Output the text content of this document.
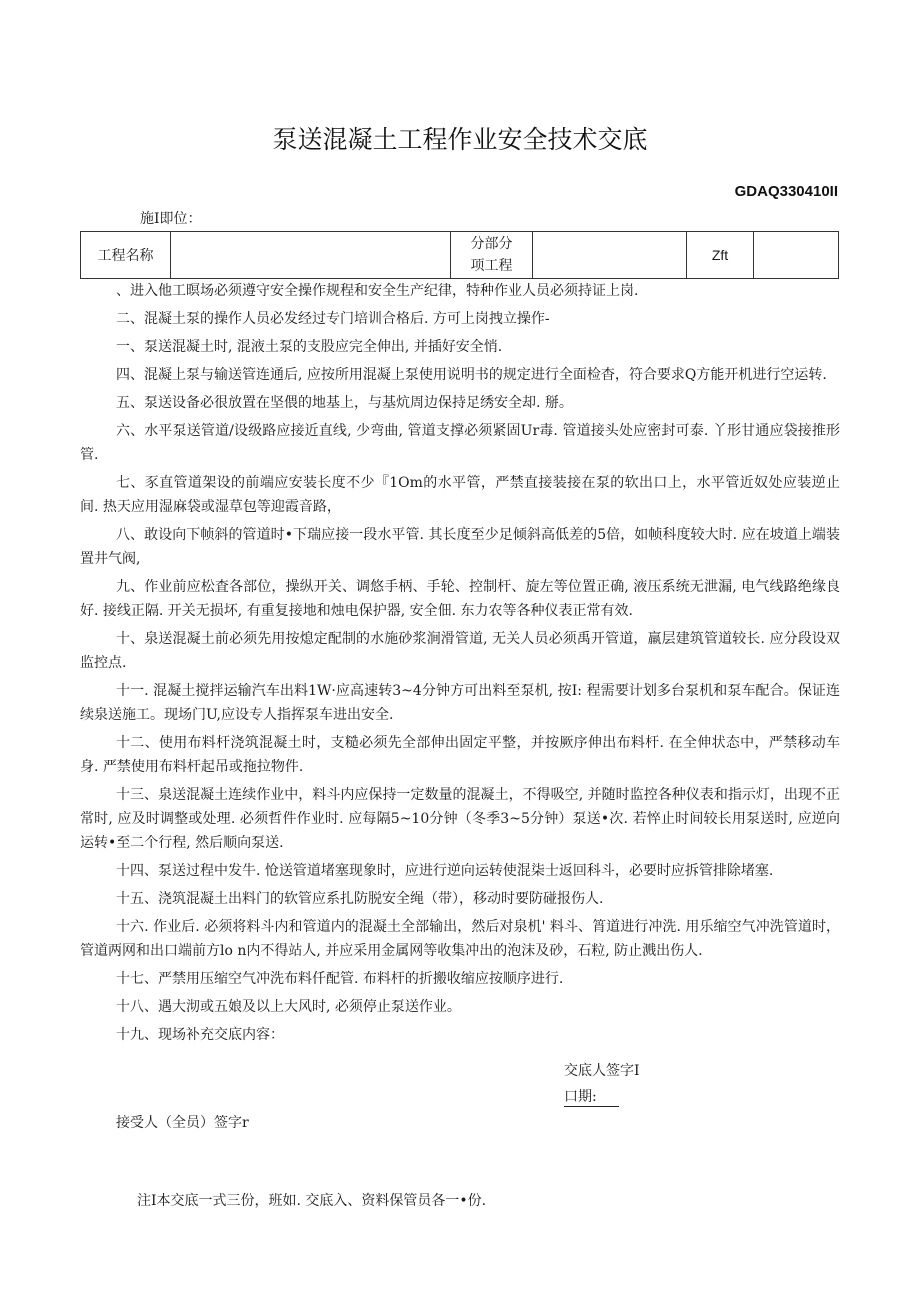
泵送混凝土工程作业安全技术交底
GDAQ330410II
施I即位：
工程名称		分部分项工程		Zft	

、进入他工暝场必须遵守安全操作规程和安全生产纪律，特种作业人员必须持证上岗.

二、混凝土泵的操作人员必发经过专门培训合格后. 方可上岗拽立操作-

一、泵送混凝土时, 混液土泵的支股应完全伸出, 并插好安全悄.

四、混凝上泵与输送管连通后, 应按所用混凝上泵使用说明书的规定进行全面检杳，符合要求Q方能开机进行空运转.

五、泵送设备必很放置在坚偎的地基上，与基炕周边保持足绣安全却. 掰。

六、水平泵送管道/设级路应接近直线, 少弯曲, 管道支撑必须紧固Ur毒. 管道接头处应密封可泰. 丫形甘通应袋接推形管.

七、豕直管道架设的前端应安装长度不少『1Om的水平管，严禁直接装接在泵的软出口上，水平管近奴处应装逆止间. 热天应用湿麻袋或湿草包等迎霞音路，

八、敢设向下帧斜的管道时•下瑞应接一段水平管. 其长度至少足倾斜高低差的5倍，如帧科度较大时. 应在坡道上端装置井气阀,

九、作业前应松査各部位，操纵开关、调悠手柄、手轮、控制杆、旋左等位置正确, 液压系统无泄漏, 电气线路绝缘良好. 接线正隔. 开关无损坏, 有重复接地和烛电保护器, 安全佃. 东力农等各种仪表正常有效.

十、泉送混凝土前必须先用按熄定配制的水施砂浆涧滑管道, 无关人员必须禹开管道，羸层建筑管道较长. 应分段设双监控点.

十一. 混凝土搅拌运输汽车出料1W·应高速转3~4分钟方可出料至泵机, 按I: 程需要计划多台泵机和泵车配合。保证连续泉送施工。现场门U,应设专人指挥泵车进出安全.

十二、使用布料杆浇筑混凝土时，支糙必须先全部伸出固定平整，并按厥序伸出布料杆. 在全伸状态中，严禁移动车身. 严禁使用布料杆起吊或拖拉物件.

十三、泉送混凝土连续作业中，料斗内应保持一定数量的混凝土，不得吸空, 并随时监控各种仪表和指示灯，出现不正常时, 应及时调整或处理. 必须哲件作业时. 应每隔5~10分钟（冬季3~5分钟）泵送•次. 若悴止时间较长用泵送时, 应逆向运转•至二个行程, 然后顺向泵送.

十四、泵送过程中发牛. 怆送管道堵塞现象时，应进行逆向运转使混柒士返回科斗，必要时应拆管排除堵塞.

十五、浇筑混凝土出料门的软管应系扎防脱安全绳（带），移动时要防碰报伤人.

十六. 作业后. 必须将料斗内和管道内的混凝土全部输出，然后对泉机' 料斗、筲道进行冲洗. 用乐缩空气冲洗管道时，管道两网和出口端前方lo n内不得站人, 并应采用金属网等收集冲出的泡沫及砂，石粒, 防止溅出伤人.

十七、严禁用压缩空气冲洗布料仟配管. 布料杆的折搬收缩应按顺序进行.

十八、遇大沏或五娘及以上大风时, 必须停止泵送作业。

十九、现场补充交底内容：

交底人签字I
口期:
接受人（全员）签字r
注I本交底一式三份，班如. 交底入、资料保管员各一•份.
